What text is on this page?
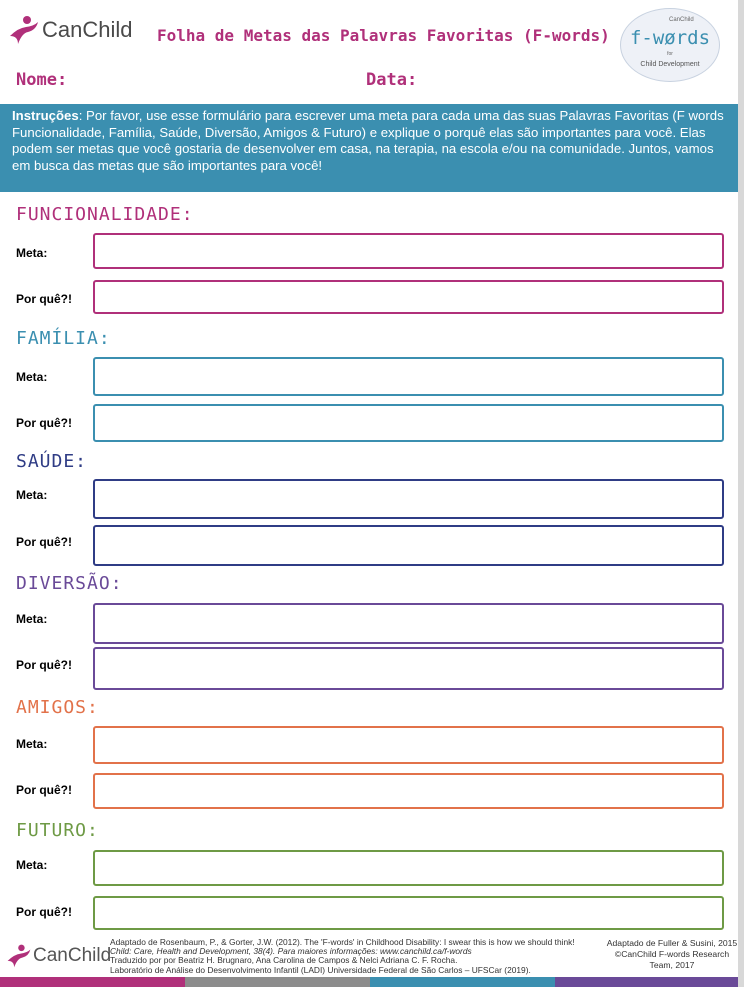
CanChild Folha de Metas das Palavras Favoritas (F-words)
CanChild
f-wørds
for
Child Development
Nome:	Data:
Instruções: Por favor, use esse formulário para escrever uma meta para cada uma das suas Palavras Favoritas (F words Funcionalidade, Família, Saúde, Diversão, Amigos & Futuro) e explique o porquê elas são importantes para você. Elas podem ser metas que você gostaria de desenvolver em casa, na terapia, na escola e/ou na comunidade. Juntos, vamos em busca das metas que são importantes para você!
FUNCIONALIDADE:
Meta:
Por quê?!
FAMÍLIA:
Meta:
Por quê?!
SAÚDE:
Meta:
Por quê?!
DIVERSÃO:
Meta:
Por quê?!
AMIGOS:
Meta:
Por quê?!
FUTURO:
Meta:
Por quê?!
CanChild
Adaptado de Rosenbaum, P., & Gorter, J.W. (2012). The 'F-words' in Childhood Disability: I swear this is how we should think!
Child: Care, Health and Development, 38(4). Para maiores informações: www.canchild.ca/f-words
Traduzido por por Beatriz H. Brugnaro, Ana Carolina de Campos & Nelci Adriana C. F. Rocha.
Laboratório de Análise do Desenvolvimento Infantil (LADI) Universidade Federal de São Carlos – UFSCar (2019).
Adaptado de Fuller & Susini, 2015
©CanChild F-words Research
Team, 2017
